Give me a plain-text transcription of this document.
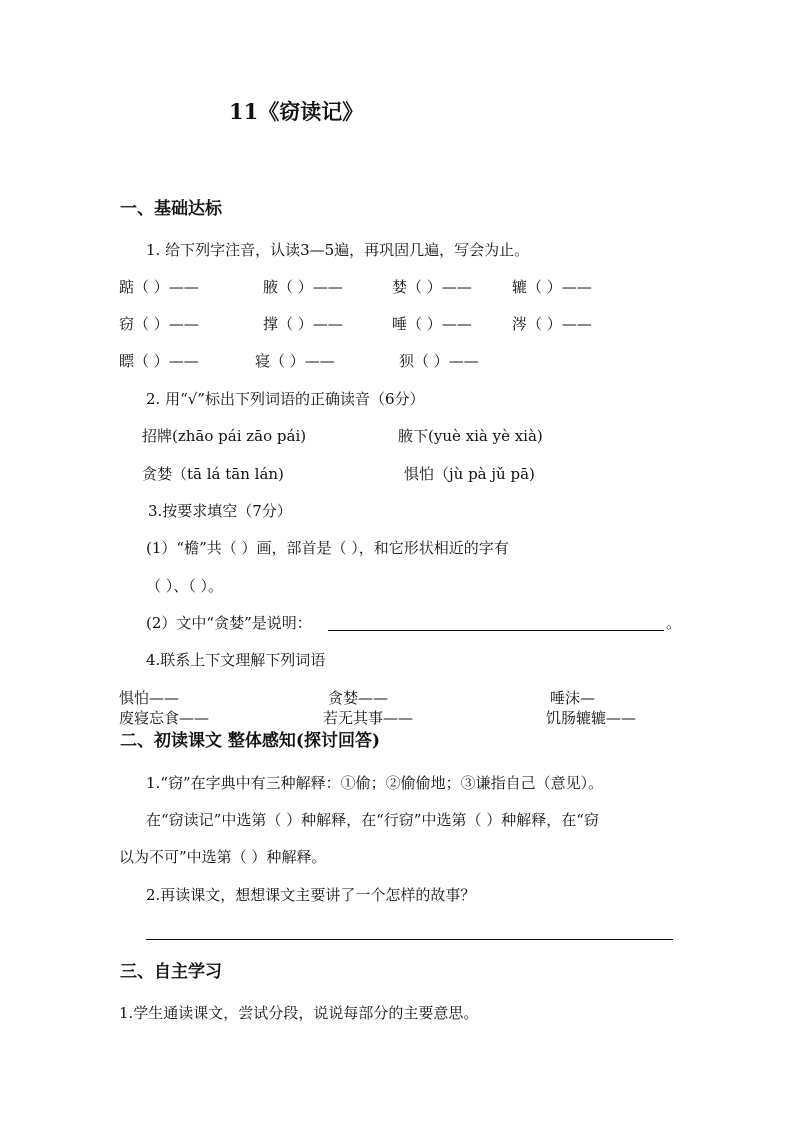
11《窃读记》
一、基础达标
1. 给下列字注音，认读3—5遍，再巩固几遍，写会为止。
踮（ ）——	腋（ ）——	婪（ ）——	辘（ ）——
窃（ ）——	撑（ ）——	唾（ ）——	涔（ ）——
瞟（ ）——	寝（ ）——	狈（ ）——
2. 用“√”标出下列词语的正确读音（6分）
招牌(zhāo pái zāo pái)	腋下(yuè xià yè xià)
贪婪（tā lá tān lán)	惧怕（jù pà jǔ pā)
3.按要求填空（7分）
(1）“檐”共（ ）画，部首是（ ），和它形状相近的字有
（ ）、（ ）。
(2）文中“贪婪”是说明：	。
4.联系上下文理解下列词语
惧怕——	贪婪——	唾沫—
废寝忘食——	若无其事——	饥肠辘辘——
二、初读课文 整体感知(探讨回答)
1.“窃”在字典中有三种解释：①偷；②偷偷地；③谦指自己（意见）。
在“窃读记”中选第（ ）种解释，在“行窃”中选第（ ）种解释，在“窃
以为不可”中选第（ ）种解释。
2.再读课文，想想课文主要讲了一个怎样的故事？
三、自主学习
1.学生通读课文，尝试分段，说说每部分的主要意思。
